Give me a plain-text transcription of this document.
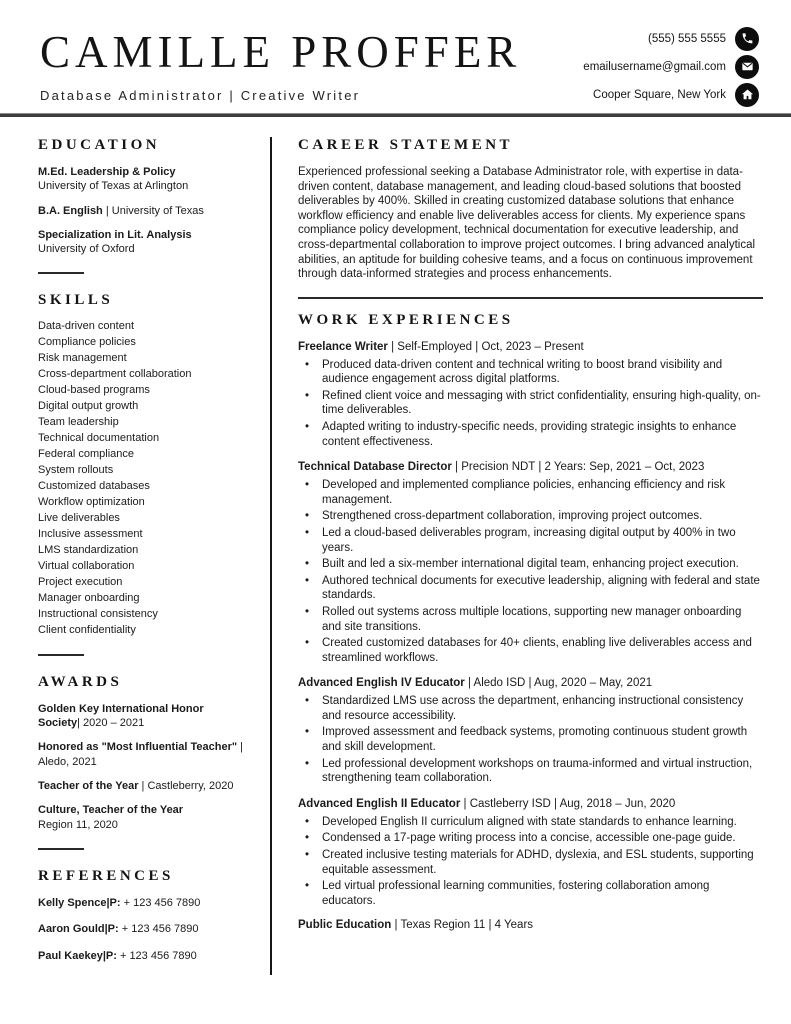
CAMILLE PROFFER
Database Administrator | Creative Writer
(555) 555 5555
emailusername@gmail.com
Cooper Square, New York
EDUCATION

M.Ed. Leadership & Policy
University of Texas at Arlington

B.A. English | University of Texas

Specialization in Lit. Analysis
University of Oxford

SKILLS
Data-driven content
Compliance policies
Risk management
Cross-department collaboration
Cloud-based programs
Digital output growth
Team leadership
Technical documentation
Federal compliance
System rollouts
Customized databases
Workflow optimization
Live deliverables
Inclusive assessment
LMS standardization
Virtual collaboration
Project execution
Manager onboarding
Instructional consistency
Client confidentiality
AWARDS

Golden Key International Honor Society| 2020 – 2021

Honored as "Most Influential Teacher" | Aledo, 2021

Teacher of the Year | Castleberry, 2020

Culture, Teacher of the Year
Region 11, 2020

REFERENCES

Kelly Spence|P: + 123 456 7890

Aaron Gould|P: + 123 456 7890

Paul Kaekey|P: + 123 456 7890

CAREER STATEMENT

Experienced professional seeking a Database Administrator role, with expertise in data-driven content, database management, and leading cloud-based solutions that boosted deliverables by 400%. Skilled in creating customized database solutions that enhance workflow efficiency and enable live deliverables access for clients. My experience spans compliance policy development, technical documentation for executive leadership, and cross-departmental collaboration to improve project outcomes. I bring advanced analytical abilities, an aptitude for building cohesive teams, and a focus on continuous improvement through data-informed strategies and process enhancements.

WORK EXPERIENCES

Freelance Writer | Self-Employed | Oct, 2023 – Present

• Produced data-driven content and technical writing to boost brand visibility and audience engagement across digital platforms.
• Refined client voice and messaging with strict confidentiality, ensuring high-quality, on-time deliverables.
• Adapted writing to industry-specific needs, providing strategic insights to enhance content effectiveness.

Technical Database Director | Precision NDT | 2 Years: Sep, 2021 – Oct, 2023

• Developed and implemented compliance policies, enhancing efficiency and risk management.
• Strengthened cross-department collaboration, improving project outcomes.
• Led a cloud-based deliverables program, increasing digital output by 400% in two years.
• Built and led a six-member international digital team, enhancing project execution.
• Authored technical documents for executive leadership, aligning with federal and state standards.
• Rolled out systems across multiple locations, supporting new manager onboarding and site transitions.
• Created customized databases for 40+ clients, enabling live deliverables access and streamlined workflows.

Advanced English IV Educator | Aledo ISD | Aug, 2020 – May, 2021

• Standardized LMS use across the department, enhancing instructional consistency and resource accessibility.
• Improved assessment and feedback systems, promoting continuous student growth and skill development.
• Led professional development workshops on trauma-informed and virtual instruction, strengthening team collaboration.

Advanced English II Educator | Castleberry ISD | Aug, 2018 – Jun, 2020

• Developed English II curriculum aligned with state standards to enhance learning.
• Condensed a 17-page writing process into a concise, accessible one-page guide.
• Created inclusive testing materials for ADHD, dyslexia, and ESL students, supporting equitable assessment.
• Led virtual professional learning communities, fostering collaboration among educators.

Public Education | Texas Region 11 | 4 Years
